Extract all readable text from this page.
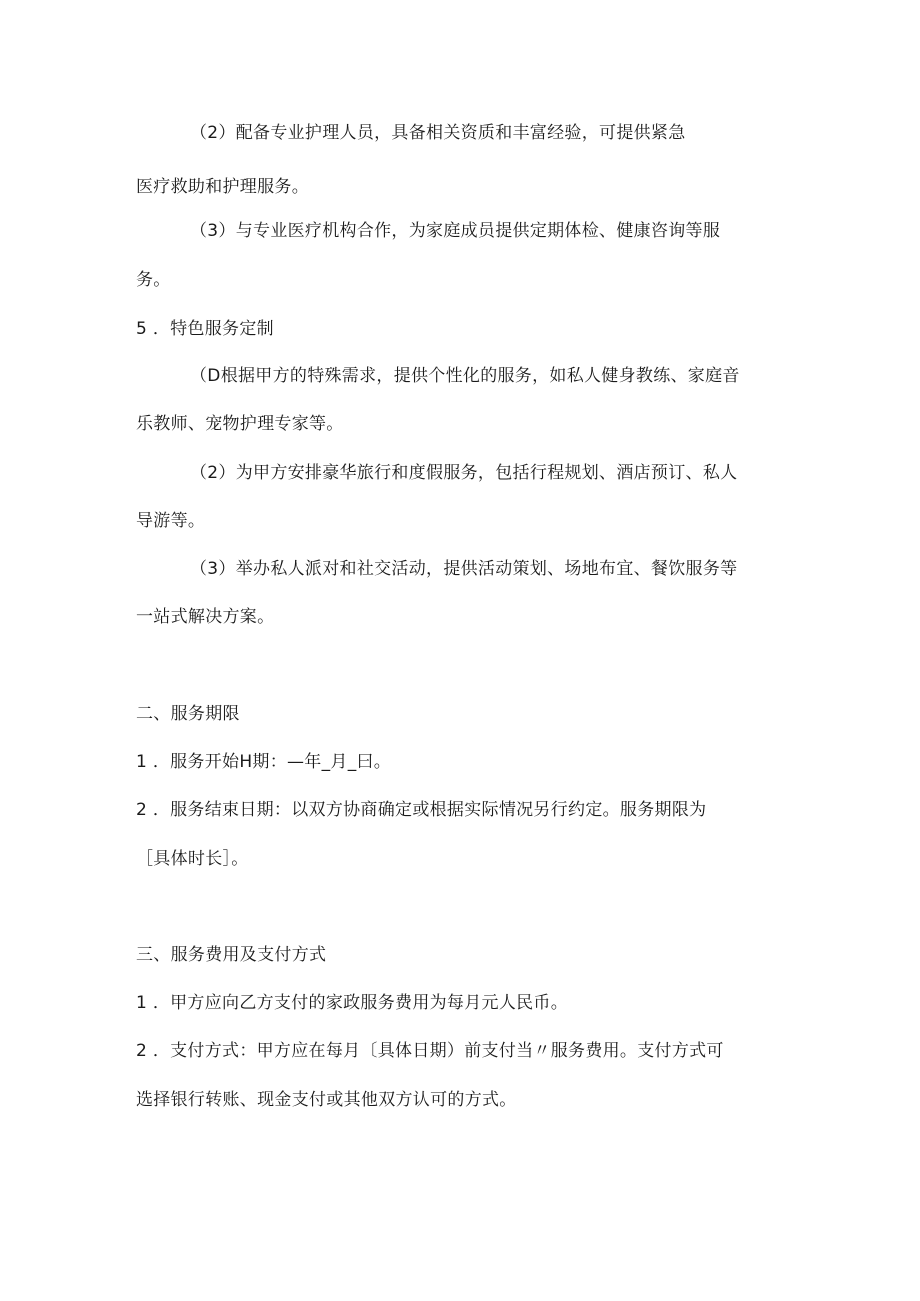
（2）配备专业护理人员，具备相关资质和丰富经验，可提供紧急
医疗救助和护理服务。
（3）与专业医疗机构合作，为家庭成员提供定期体检、健康咨询等服
务。
5 ．特色服务定制
（D根据甲方的特殊需求，提供个性化的服务，如私人健身教练、家庭音
乐教师、宠物护理专家等。
（2）为甲方安排豪华旅行和度假服务，包括行程规划、酒店预订、私人
导游等。
（3）举办私人派对和社交活动，提供活动策划、场地布宜、餐饮服务等
一站式解决方案。
二、服务期限
1 ．服务开始H期：—年_月_曰。
2 ．服务结束日期：以双方协商确定或根据实际情况另行约定。服务期限为
［具体时长］。
三、服务费用及支付方式
1 ．甲方应向乙方支付的家政服务费用为每月元人民币。
2 ．支付方式：甲方应在每月〔具体日期）前支付当〃服务费用。支付方式可
选择银行转账、现金支付或其他双方认可的方式。
